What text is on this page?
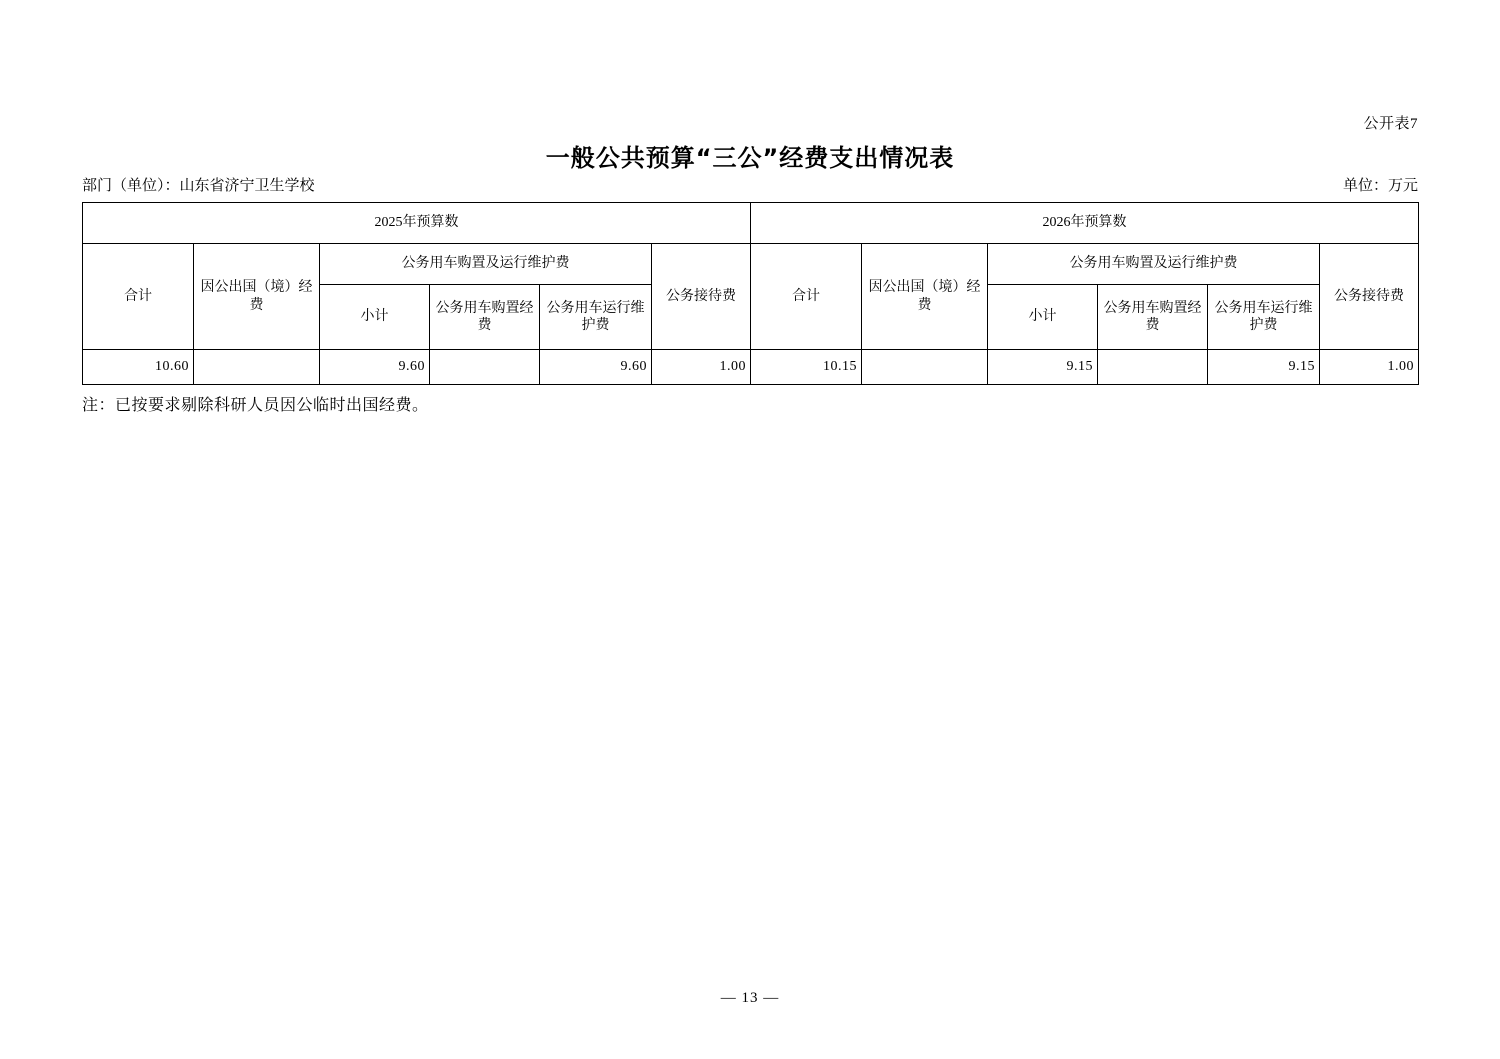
公开表7
一般公共预算“三公”经费支出情况表
部门（单位）：山东省济宁卫生学校	单位：万元
2025年预算数						2026年预算数					
合计	因公出国（境）经费	公务用车购置及运行维护费			公务接待费	合计	因公出国（境）经费	公务用车购置及运行维护费			公务接待费
		小计	公务用车购置经费	公务用车运行维护费				小计	公务用车购置经费	公务用车运行维护费	
10.60		9.60		9.60	1.00	10.15		9.15		9.15	1.00
注：已按要求剔除科研人员因公临时出国经费。
— 13 —
